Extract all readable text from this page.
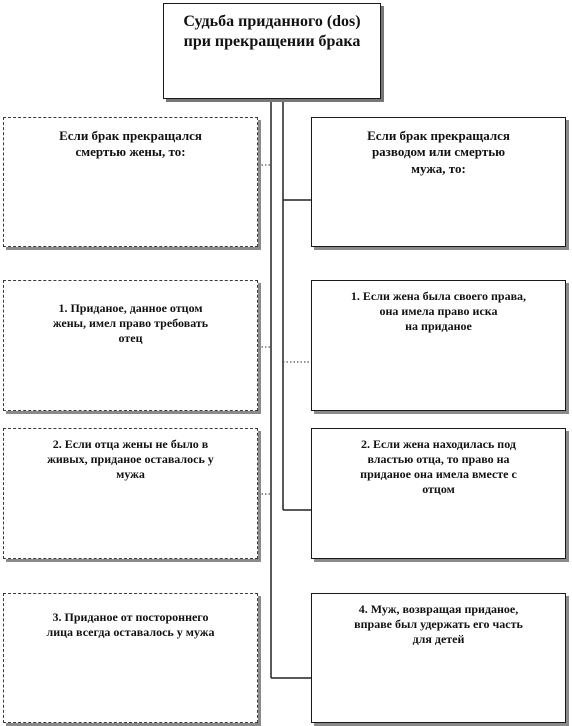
Судьба приданного (dos)
при прекращении брака
Если брак прекращался
смертью жены, то:
Если брак прекращался
разводом или смертью
мужа, то:
1. Приданое, данное отцом
жены, имел право требовать
отец
1. Если жена была своего права,
она имела право иска
на приданое
2. Если отца жены не было в
живых, приданое оставалось у
мужа
2. Если жена находилась под
властью отца, то право на
приданое она имела вместе с
отцом
3. Приданое от постороннего
лица всегда оставалось у мужа
4. Муж, возвращая приданое,
вправе был удержать его часть
для детей
